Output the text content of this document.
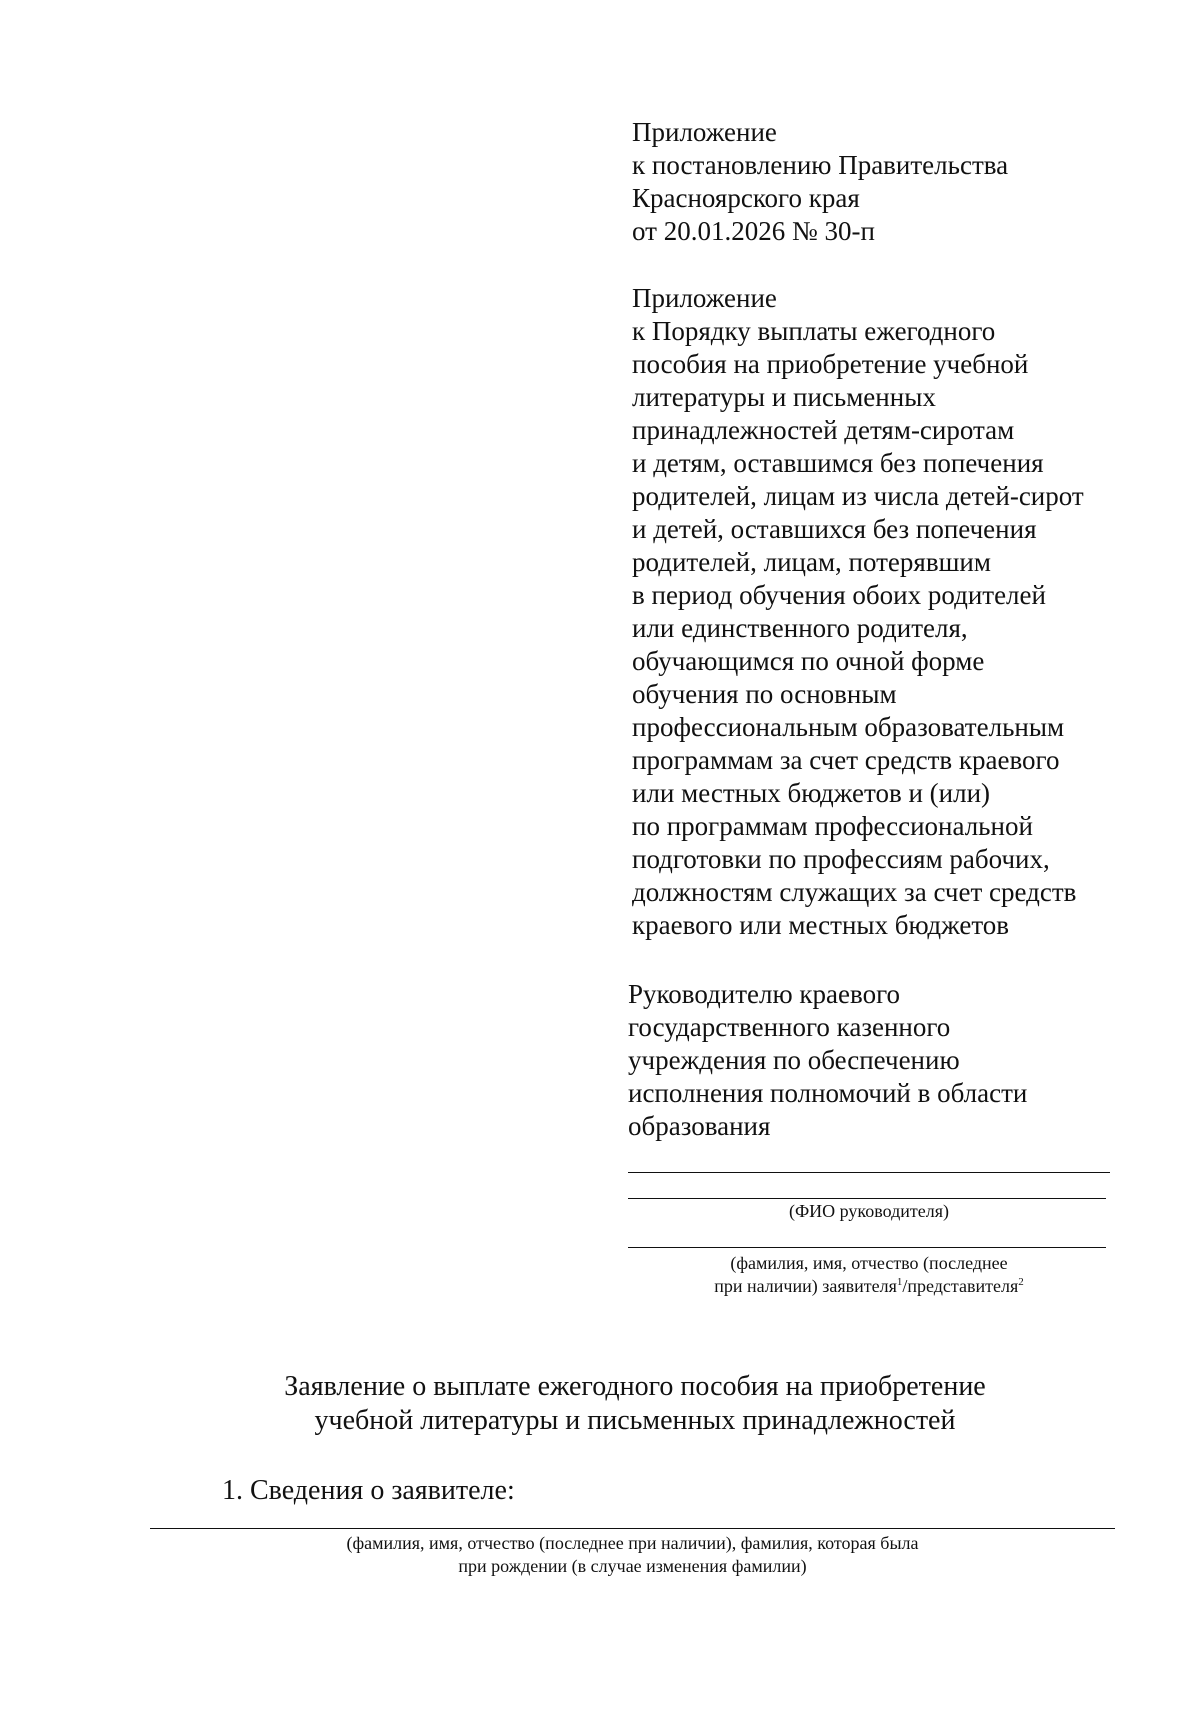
Приложение
к постановлению Правительства
Красноярского края
от 20.01.2026 № 30-п
Приложение
к Порядку выплаты ежегодного
пособия на приобретение учебной
литературы и письменных
принадлежностей детям-сиротам
и детям, оставшимся без попечения
родителей, лицам из числа детей-сирот
и детей, оставшихся без попечения
родителей, лицам, потерявшим
в период обучения обоих родителей
или единственного родителя,
обучающимся по очной форме
обучения по основным
профессиональным образовательным
программам за счет средств краевого
или местных бюджетов и (или)
по программам профессиональной
подготовки по профессиям рабочих,
должностям служащих за счет средств
краевого или местных бюджетов
Руководителю краевого
государственного казенного
учреждения по обеспечению
исполнения полномочий в области
образования
(ФИО руководителя)
(фамилия, имя, отчество (последнее
при наличии) заявителя$^1$/представителя$^2$
Заявление о выплате ежегодного пособия на приобретение
учебной литературы и письменных принадлежностей
1. Сведения о заявителе:
(фамилия, имя, отчество (последнее при наличии), фамилия, которая была
при рождении (в случае изменения фамилии)
